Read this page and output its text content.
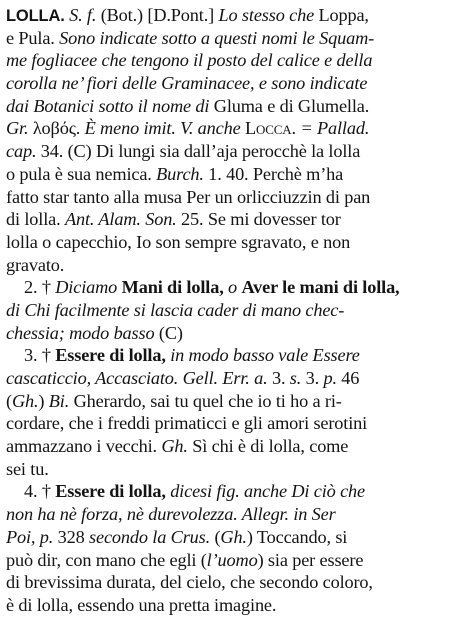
LOLLA. S. f. (Bot.) [D.Pont.] Lo stesso che Loppa,
e Pula. Sono indicate sotto a questi nomi le Squam-
me fogliacee che tengono il posto del calice e della
corolla ne’ fiori delle Graminacee, e sono indicate
dai Botanici sotto il nome di Gluma e di Glumella.
Gr. λοβός. È meno imit. V. anche Locca. = Pallad.
cap. 34. (C) Di lungi sia dall’aja perocchè la lolla
o pula è sua nemica. Burch. 1. 40. Perchè m’ha
fatto star tanto alla musa Per un orlicciuzzin di pan
di lolla. Ant. Alam. Son. 25. Se mi dovesser tor
lolla o capecchio, Io son sempre sgravato, e non
gravato.
2. † Diciamo Mani di lolla, o Aver le mani di lolla,
di Chi facilmente si lascia cader di mano chec-
chessia; modo basso (C)
3. † Essere di lolla, in modo basso vale Essere
cascaticcio, Accasciato. Gell. Err. a. 3. s. 3. p. 46
(Gh.) Bi. Gherardo, sai tu quel che io ti ho a ri-
cordare, che i freddi primaticci e gli amori serotini
ammazzano i vecchi. Gh. Sì chi è di lolla, come
sei tu.
4. † Essere di lolla, dicesi fig. anche Di ciò che
non ha nè forza, nè durevolezza. Allegr. in Ser
Poi, p. 328 secondo la Crus. (Gh.) Toccando, si
può dir, con mano che egli (l’uomo) sia per essere
di brevissima durata, del cielo, che secondo coloro,
è di lolla, essendo una pretta imagine.
